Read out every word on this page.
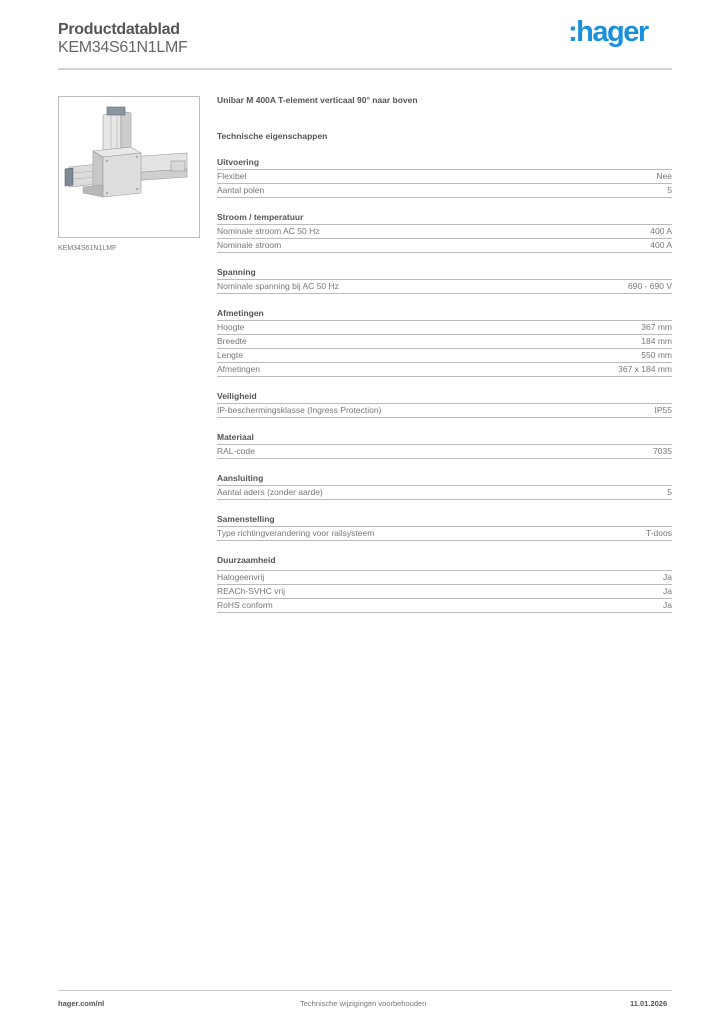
Productdatablad
KEM34S61N1LMF	:hager
KEM34S61N1LMF
Unibar M 400A T-element verticaal 90° naar boven
Technische eigenschappen
Uitvoering
Flexibel	Nee
Aantal polen	5
Stroom / temperatuur
Nominale stroom AC 50 Hz	400 A
Nominale stroom	400 A
Spanning
Nominale spanning bij AC 50 Hz	690 - 690 V
Afmetingen
Hoogte	367 mm
Breedte	184 mm
Lengte	550 mm
Afmetingen	367 x 184 mm
Veiligheid
IP-beschermingsklasse (Ingress Protection)	IP55
Materiaal
RAL-code	7035
Aansluiting
Aantal aders (zonder aarde)	5
Samenstelling
Type richtingverandering voor railsysteem	T-doos
Duurzaamheid
Halogeenvrij	Ja
REACh-SVHC vrij	Ja
RoHS conform	Ja
hager.com/nl	Technische wijzigingen voorbehouden	11.01.2026
